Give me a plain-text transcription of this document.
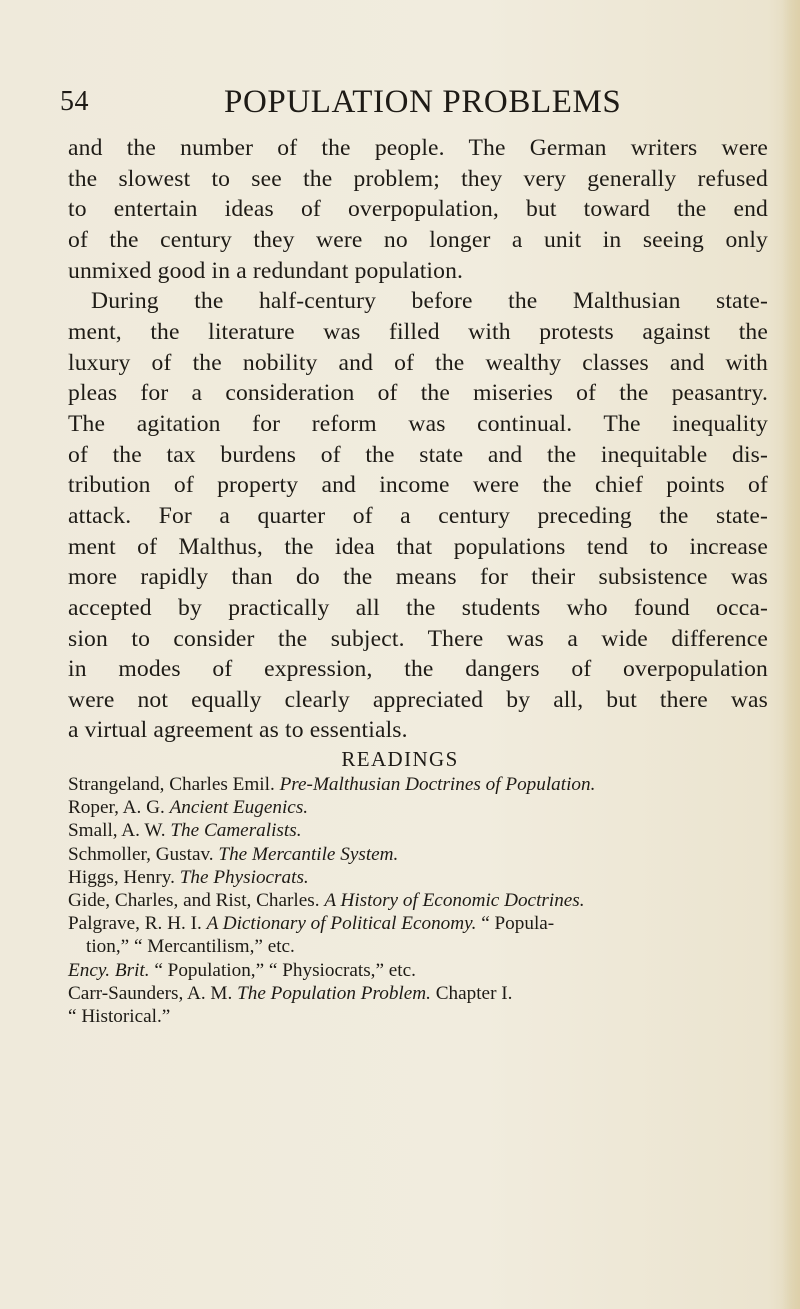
54	POPULATION PROBLEMS
and the number of the people. The German writers were
the slowest to see the problem; they very generally refused
to entertain ideas of overpopulation, but toward the end
of the century they were no longer a unit in seeing only
unmixed good in a redundant population.
During the half-century before the Malthusian state-
ment, the literature was filled with protests against the
luxury of the nobility and of the wealthy classes and with
pleas for a consideration of the miseries of the peasantry.
The agitation for reform was continual. The inequality
of the tax burdens of the state and the inequitable dis-
tribution of property and income were the chief points of
attack. For a quarter of a century preceding the state-
ment of Malthus, the idea that populations tend to increase
more rapidly than do the means for their subsistence was
accepted by practically all the students who found occa-
sion to consider the subject. There was a wide difference
in modes of expression, the dangers of overpopulation
were not equally clearly appreciated by all, but there was
a virtual agreement as to essentials.
READINGS
Strangeland, Charles Emil. Pre-Malthusian Doctrines of Population.
Roper, A. G. Ancient Eugenics.
Small, A. W. The Cameralists.
Schmoller, Gustav. The Mercantile System.
Higgs, Henry. The Physiocrats.
Gide, Charles, and Rist, Charles. A History of Economic Doctrines.
Palgrave, R. H. I. A Dictionary of Political Economy. “ Popula-
tion,” “ Mercantilism,” etc.
Ency. Brit. “ Population,” “ Physiocrats,” etc.
Carr-Saunders, A. M. The Population Problem. Chapter I.
“ Historical.”
